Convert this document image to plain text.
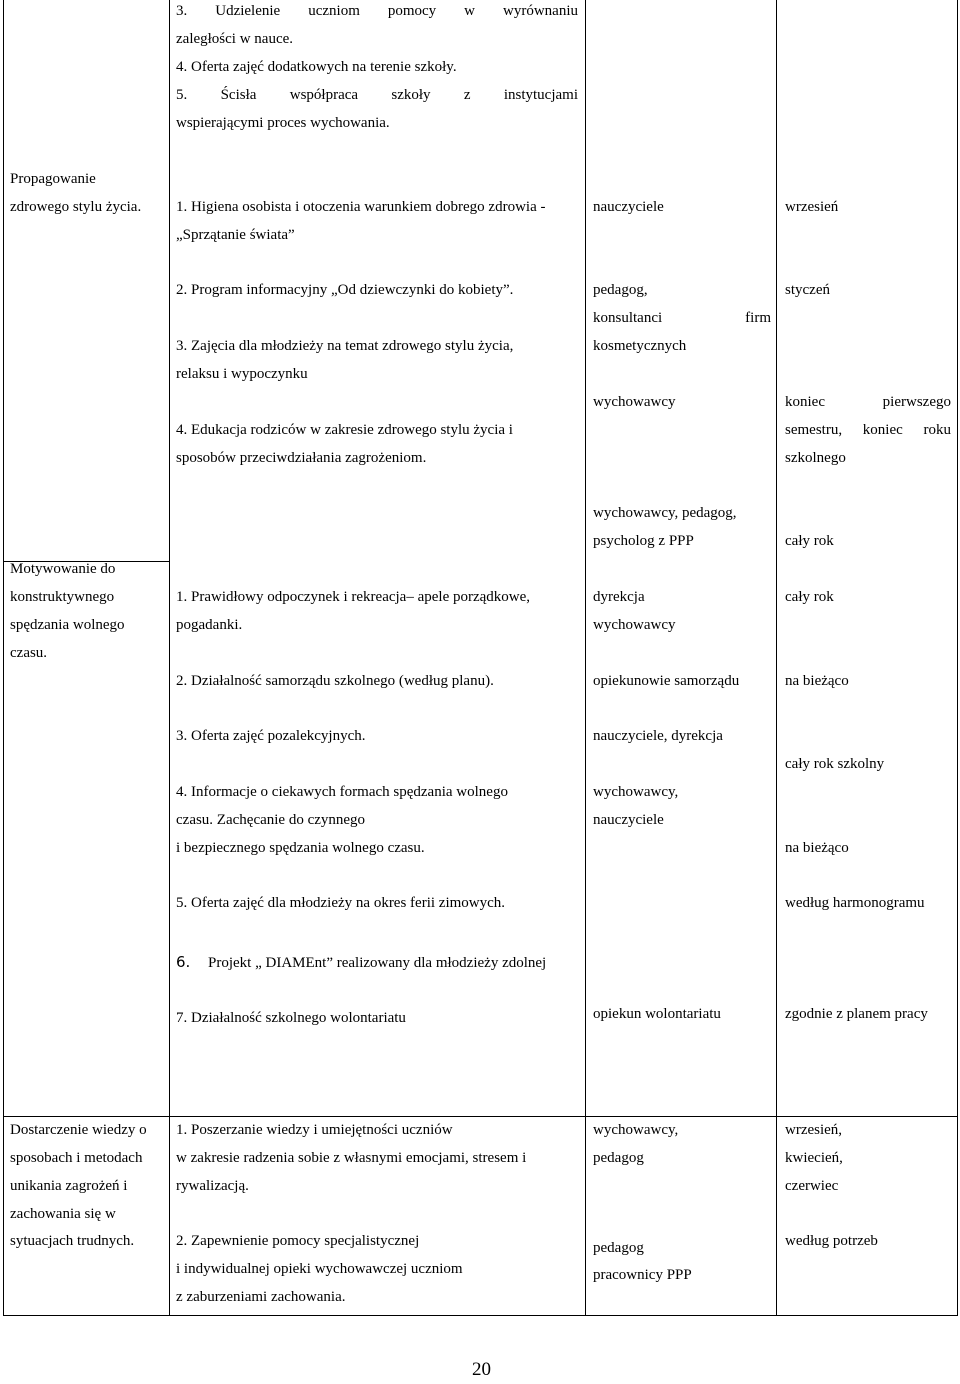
3. Udzielenie uczniom pomocy w wyrównaniu
zaległości w nauce.
4. Oferta zajęć dodatkowych na terenie szkoły.
5. Ścisła współpraca szkoły z instytucjami
wspierającymi proces wychowania.
Propagowanie
zdrowego stylu życia. 1. Higiena osobista i otoczenia warunkiem dobrego zdrowia -
„Sprzątanie świata”
2. Program informacyjny „Od dziewczynki do kobiety”.
3. Zajęcia dla młodzieży na temat zdrowego stylu życia,
relaksu i wypoczynku
4. Edukacja rodziców w zakresie zdrowego stylu życia i
sposobów przeciwdziałania zagrożeniom.
nauczyciele
pedagog,
konsultanci firm
kosmetycznych
wychowawcy
wychowawcy, pedagog,
psycholog z PPP
wrzesień
styczeń
koniec pierwszego
semestru, koniec roku
szkolnego
cały rok
Motywowanie do
konstruktywnego
spędzania wolnego
czasu.
1. Prawidłowy odpoczynek i rekreacja– apele porządkowe,
pogadanki.
2. Działalność samorządu szkolnego (według planu).
3. Oferta zajęć pozalekcyjnych.
4. Informacje o ciekawych formach spędzania wolnego
czasu. Zachęcanie do czynnego
i bezpiecznego spędzania wolnego czasu.
5. Oferta zajęć dla młodzieży na okres ferii zimowych.
6. Projekt „ DIAMEnt” realizowany dla młodzieży zdolnej
7. Działalność szkolnego wolontariatu
dyrekcja
wychowawcy
opiekunowie samorządu
nauczyciele, dyrekcja
wychowawcy,
nauczyciele
opiekun wolontariatu
cały rok
na bieżąco
cały rok szkolny
na bieżąco
według harmonogramu
zgodnie z planem pracy
Dostarczenie wiedzy o
sposobach i metodach
unikania zagrożeń i
zachowania się w
sytuacjach trudnych.
1. Poszerzanie wiedzy i umiejętności uczniów
w zakresie radzenia sobie z własnymi emocjami, stresem i
rywalizacją.
2. Zapewnienie pomocy specjalistycznej
i indywidualnej opieki wychowawczej uczniom
z zaburzeniami zachowania.
wychowawcy,
pedagog
pedagog
pracownicy PPP
wrzesień,
kwiecień,
czerwiec
według potrzeb
20
